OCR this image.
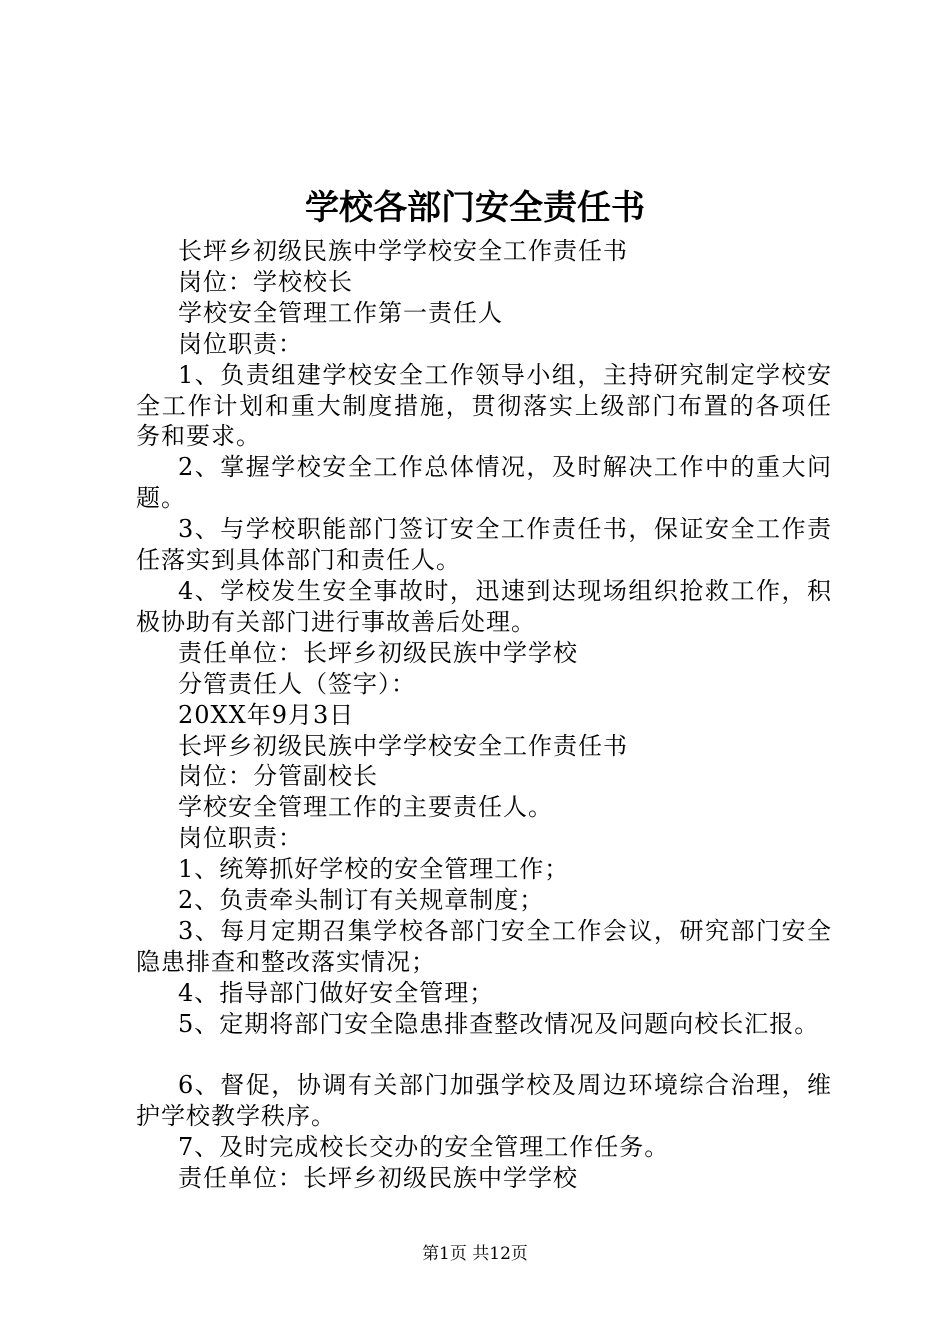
学校各部门安全责任书

长坪乡初级民族中学学校安全工作责任书

岗位：学校校长

学校安全管理工作第一责任人

岗位职责：

1、负责组建学校安全工作领导小组，主持研究制定学校安全工作计划和重大制度措施，贯彻落实上级部门布置的各项任务和要求。

2、掌握学校安全工作总体情况，及时解决工作中的重大问题。

3、与学校职能部门签订安全工作责任书，保证安全工作责任落实到具体部门和责任人。

4、学校发生安全事故时，迅速到达现场组织抢救工作，积极协助有关部门进行事故善后处理。

责任单位：长坪乡初级民族中学学校

分管责任人（签字）：

20XX年9月3日

长坪乡初级民族中学学校安全工作责任书

岗位：分管副校长

学校安全管理工作的主要责任人。

岗位职责：

1、统筹抓好学校的安全管理工作；

2、负责牵头制订有关规章制度；

3、每月定期召集学校各部门安全工作会议，研究部门安全隐患排查和整改落实情况；

4、指导部门做好安全管理；

5、定期将部门安全隐患排查整改情况及问题向校长汇报。

6、督促，协调有关部门加强学校及周边环境综合治理，维护学校教学秩序。

7、及时完成校长交办的安全管理工作任务。

责任单位：长坪乡初级民族中学学校

第1页 共12页
